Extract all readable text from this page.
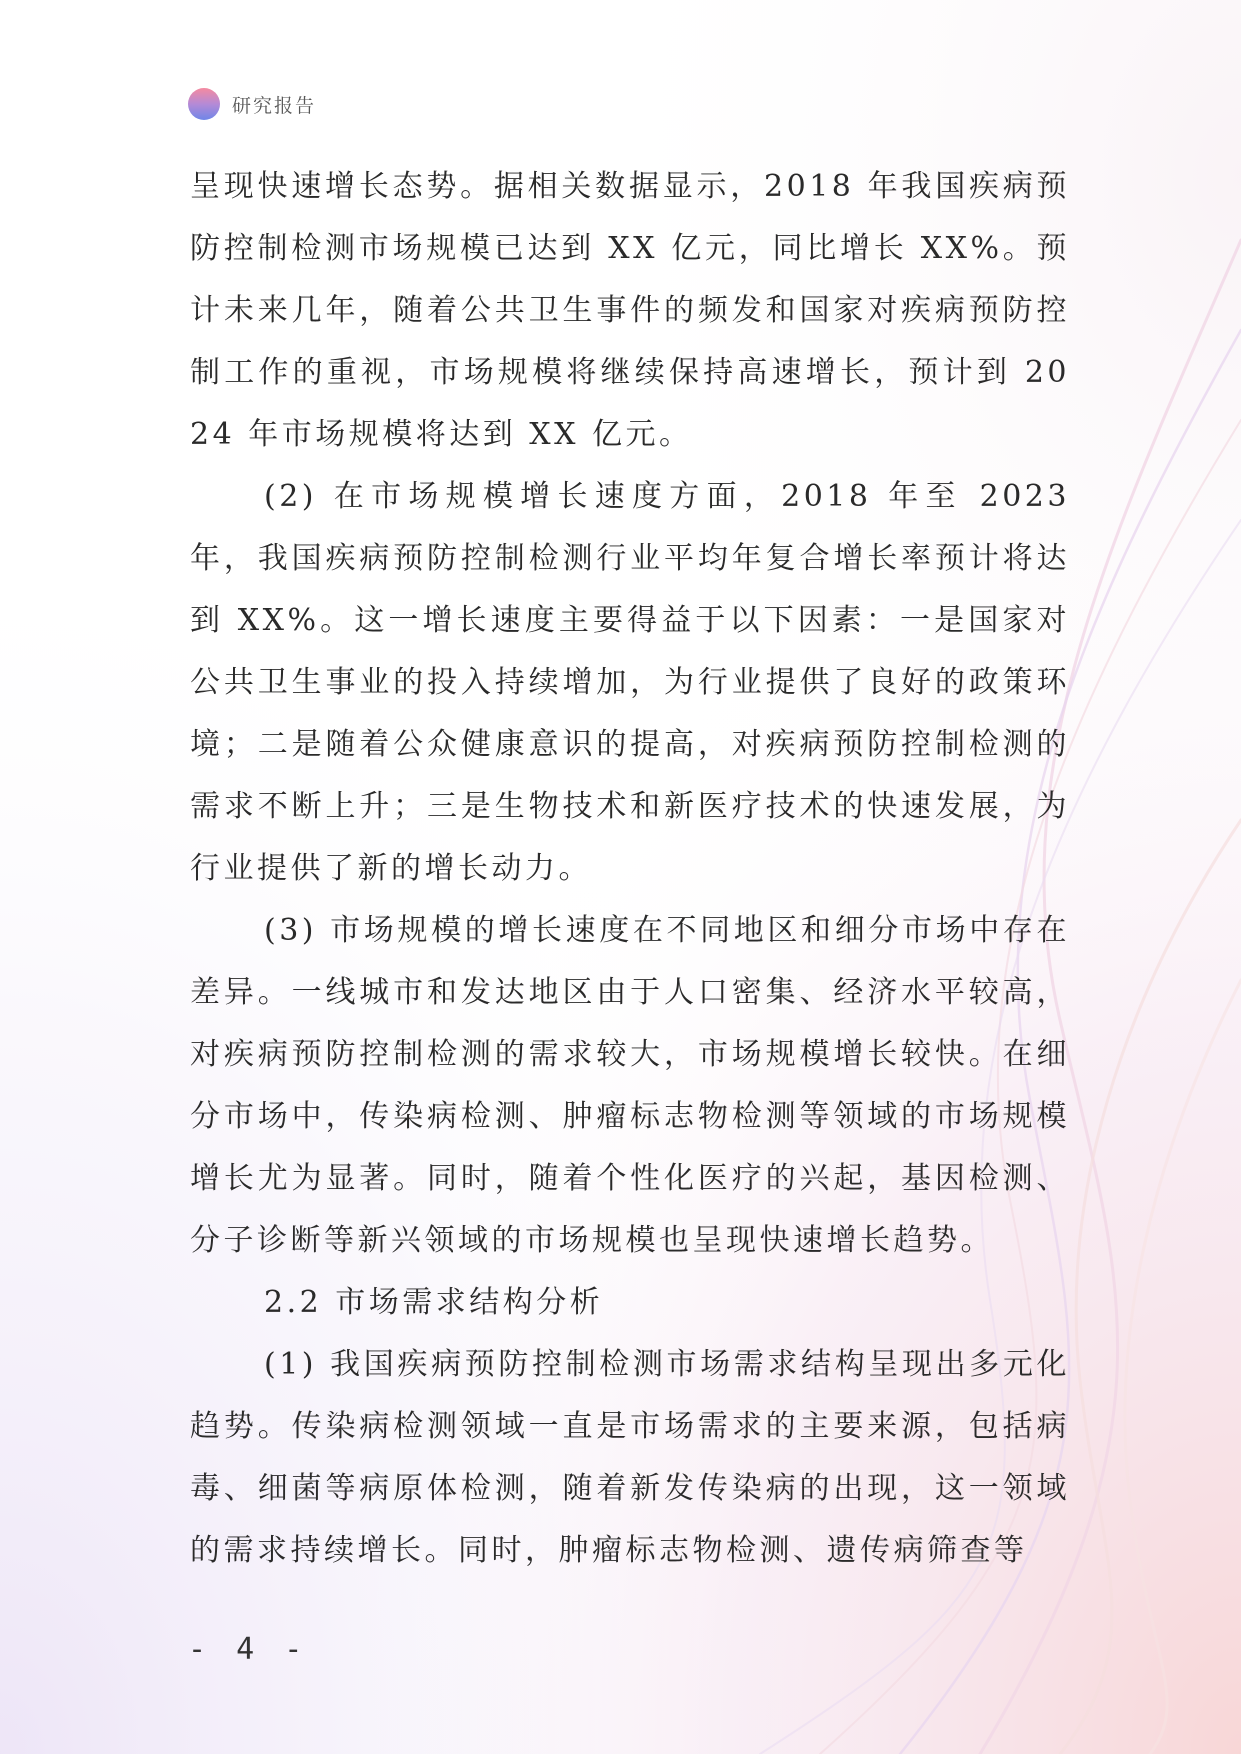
研究报告

呈现快速增长态势。据相关数据显示，2018 年我国疾病预防控制检测市场规模已达到 XX 亿元，同比增长 XX%。预计未来几年，随着公共卫生事件的频发和国家对疾病预防控制工作的重视，市场规模将继续保持高速增长，预计到 2024 年市场规模将达到 XX 亿元。

(2) 在市场规模增长速度方面，2018 年至 2023 年，我国疾病预防控制检测行业平均年复合增长率预计将达到 XX%。这一增长速度主要得益于以下因素：一是国家对公共卫生事业的投入持续增加，为行业提供了良好的政策环境；二是随着公众健康意识的提高，对疾病预防控制检测的需求不断上升；三是生物技术和新医疗技术的快速发展，为行业提供了新的增长动力。

(3) 市场规模的增长速度在不同地区和细分市场中存在差异。一线城市和发达地区由于人口密集、经济水平较高，对疾病预防控制检测的需求较大，市场规模增长较快。在细分市场中，传染病检测、肿瘤标志物检测等领域的市场规模增长尤为显著。同时，随着个性化医疗的兴起，基因检测、分子诊断等新兴领域的市场规模也呈现快速增长趋势。

2.2 市场需求结构分析

(1) 我国疾病预防控制检测市场需求结构呈现出多元化趋势。传染病检测领域一直是市场需求的主要来源，包括病毒、细菌等病原体检测，随着新发传染病的出现，这一领域的需求持续增长。同时，肿瘤标志物检测、遗传病筛查等

- 4 -
